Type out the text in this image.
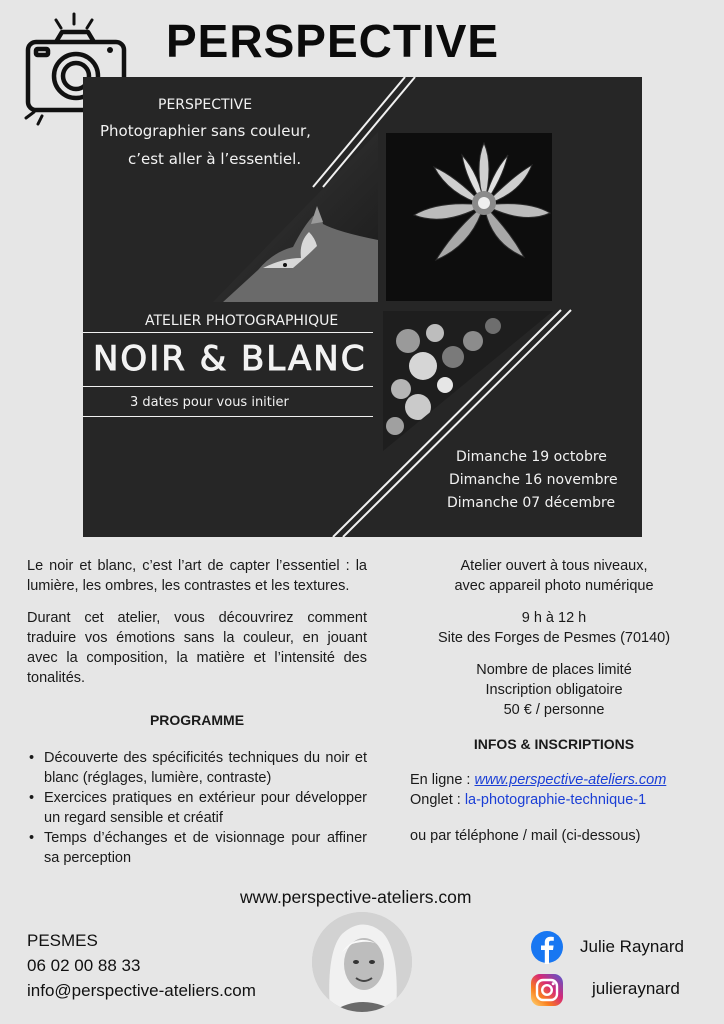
PERSPECTIVE
PERSPECTIVE
Photographier sans couleur,
c’est aller à l’essentiel.
ATELIER PHOTOGRAPHIQUE
NOIR & BLANC
3 dates pour vous initier
Dimanche 19 octobre
Dimanche 16 novembre
Dimanche 07 décembre

Le noir et blanc, c’est l’art de capter l’essentiel : la lumière, les ombres, les contrastes et les textures.

Durant cet atelier, vous découvrirez comment traduire vos émotions sans la couleur, en jouant avec la composition, la matière et l’intensité des tonalités.

PROGRAMME
• Découverte des spécificités techniques du noir et blanc (réglages, lumière, contraste)
• Exercices pratiques en extérieur pour développer un regard sensible et créatif
• Temps d’échanges et de visionnage pour affiner sa perception
Atelier ouvert à tous niveaux,
avec appareil photo numérique
9 h à 12 h
Site des Forges de Pesmes (70140)
Nombre de places limité
Inscription obligatoire
50 € / personne
INFOS & INSCRIPTIONS
En ligne : www.perspective-ateliers.com
Onglet : la-photographie-technique-1
ou par téléphone / mail (ci-dessous)
www.perspective-ateliers.com
PESMES
06 02 00 88 33
info@perspective-ateliers.com
Julie Raynard
julieraynard
